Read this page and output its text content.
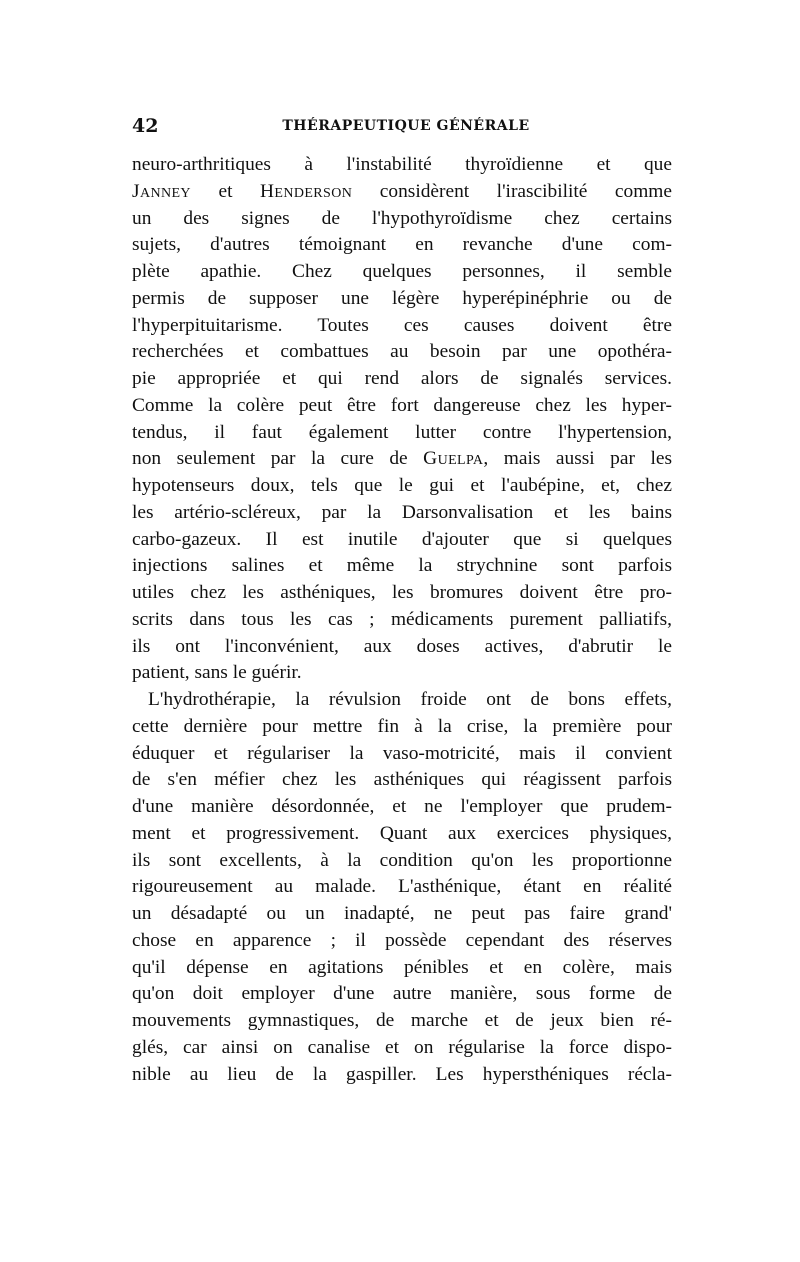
42	THÉRAPEUTIQUE GÉNÉRALE
neuro-arthritiques à l'instabilité thyroïdienne et que
Janney et Henderson considèrent l'irascibilité comme
un des signes de l'hypothyroïdisme chez certains
sujets, d'autres témoignant en revanche d'une com-
plète apathie. Chez quelques personnes, il semble
permis de supposer une légère hyperépinéphrie ou de
l'hyperpituitarisme. Toutes ces causes doivent être
recherchées et combattues au besoin par une opothéra-
pie appropriée et qui rend alors de signalés services.
Comme la colère peut être fort dangereuse chez les hyper-
tendus, il faut également lutter contre l'hypertension,
non seulement par la cure de Guelpa, mais aussi par les
hypotenseurs doux, tels que le gui et l'aubépine, et, chez
les artério-scléreux, par la Darsonvalisation et les bains
carbo-gazeux. Il est inutile d'ajouter que si quelques
injections salines et même la strychnine sont parfois
utiles chez les asthéniques, les bromures doivent être pro-
scrits dans tous les cas ; médicaments purement palliatifs,
ils ont l'inconvénient, aux doses actives, d'abrutir le
patient, sans le guérir.
L'hydrothérapie, la révulsion froide ont de bons effets,
cette dernière pour mettre fin à la crise, la première pour
éduquer et régulariser la vaso-motricité, mais il convient
de s'en méfier chez les asthéniques qui réagissent parfois
d'une manière désordonnée, et ne l'employer que prudem-
ment et progressivement. Quant aux exercices physiques,
ils sont excellents, à la condition qu'on les proportionne
rigoureusement au malade. L'asthénique, étant en réalité
un désadapté ou un inadapté, ne peut pas faire grand'
chose en apparence ; il possède cependant des réserves
qu'il dépense en agitations pénibles et en colère, mais
qu'on doit employer d'une autre manière, sous forme de
mouvements gymnastiques, de marche et de jeux bien ré-
glés, car ainsi on canalise et on régularise la force dispo-
nible au lieu de la gaspiller. Les hypersthéniques récla-
